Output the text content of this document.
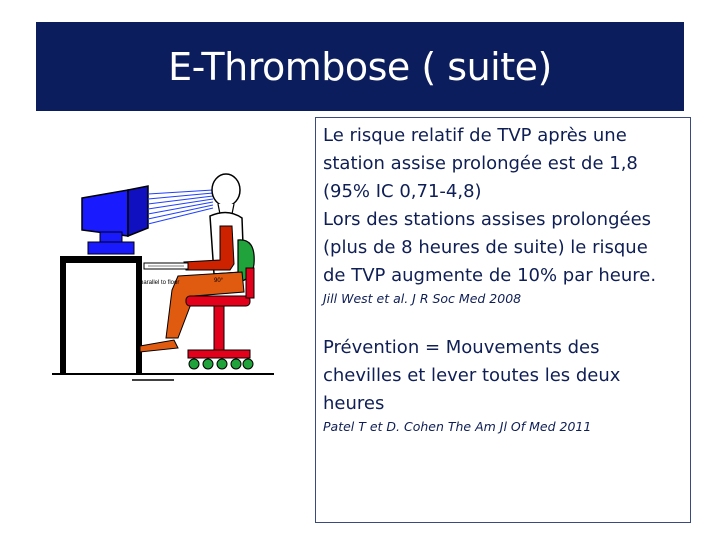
E-Thrombose ( suite)
parallel to floor	90°

Le risque relatif de TVP après une
station assise prolongée est de 1,8
(95% IC 0,71-4,8)
Lors des stations assises prolongées
(plus de 8 heures de suite) le risque
de TVP augmente de 10% par heure.

Jill West et al. J R Soc Med 2008

Prévention = Mouvements des
chevilles et lever toutes les deux
heures

Patel T et D. Cohen The Am Jl Of Med 2011
